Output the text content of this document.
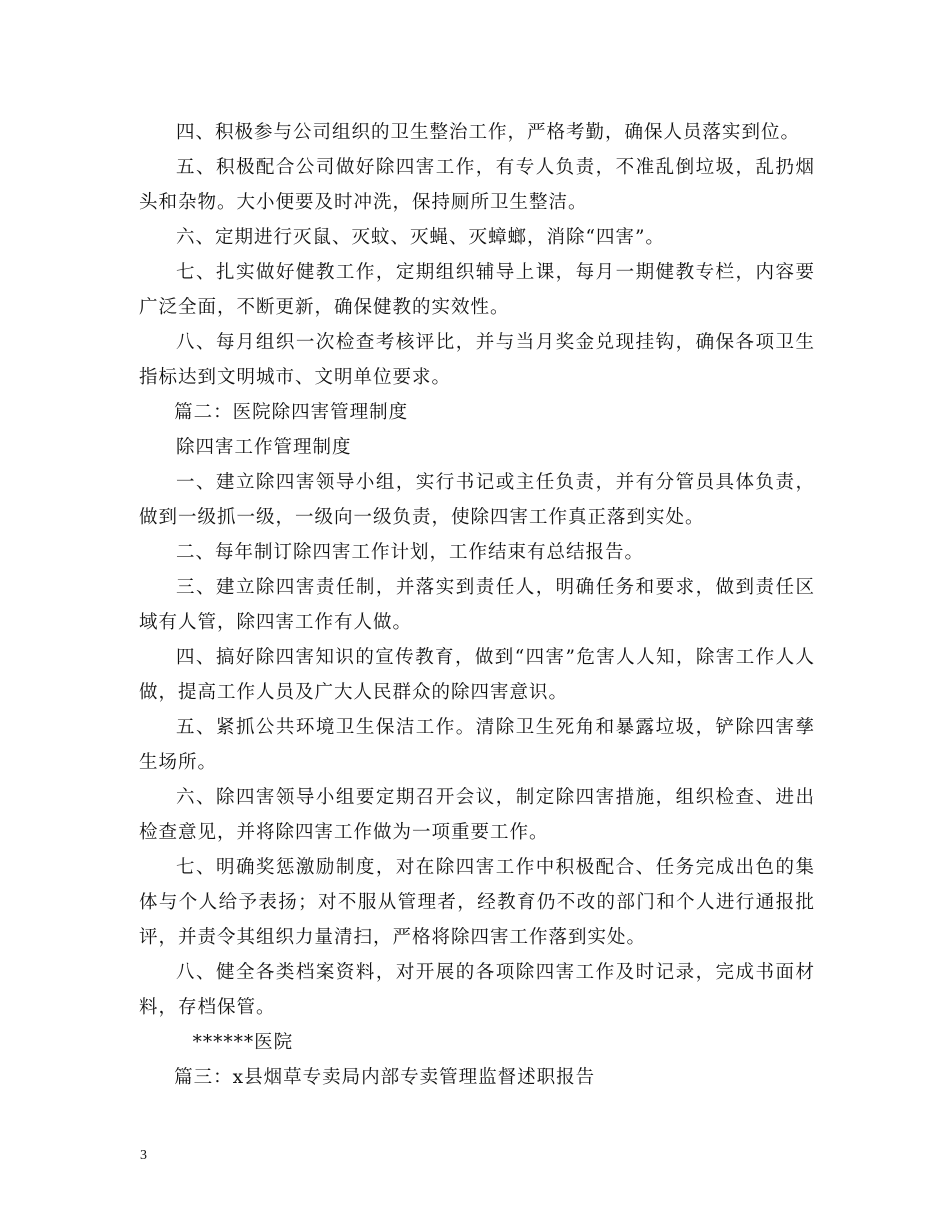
四、积极参与公司组织的卫生整治工作，严格考勤，确保人员落实到位。

五、积极配合公司做好除四害工作，有专人负责，不准乱倒垃圾，乱扔烟头和杂物。大小便要及时冲洗，保持厕所卫生整洁。

六、定期进行灭鼠、灭蚊、灭蝇、灭蟑螂，消除“四害”。

七、扎实做好健教工作，定期组织辅导上课，每月一期健教专栏，内容要广泛全面，不断更新，确保健教的实效性。

八、每月组织一次检查考核评比，并与当月奖金兑现挂钩，确保各项卫生指标达到文明城市、文明单位要求。

篇二：医院除四害管理制度

除四害工作管理制度

一、建立除四害领导小组，实行书记或主任负责，并有分管员具体负责，做到一级抓一级，一级向一级负责，使除四害工作真正落到实处。

二、每年制订除四害工作计划，工作结束有总结报告。

三、建立除四害责任制，并落实到责任人，明确任务和要求，做到责任区域有人管，除四害工作有人做。

四、搞好除四害知识的宣传教育，做到“四害”危害人人知，除害工作人人做，提高工作人员及广大人民群众的除四害意识。

五、紧抓公共环境卫生保洁工作。清除卫生死角和暴露垃圾，铲除四害孳生场所。

六、除四害领导小组要定期召开会议，制定除四害措施，组织检查、进出检查意见，并将除四害工作做为一项重要工作。

七、明确奖惩激励制度，对在除四害工作中积极配合、任务完成出色的集体与个人给予表扬；对不服从管理者，经教育仍不改的部门和个人进行通报批评，并责令其组织力量清扫，严格将除四害工作落到实处。

八、健全各类档案资料，对开展的各项除四害工作及时记录，完成书面材料，存档保管。

******医院

篇三：x县烟草专卖局内部专卖管理监督述职报告

3
